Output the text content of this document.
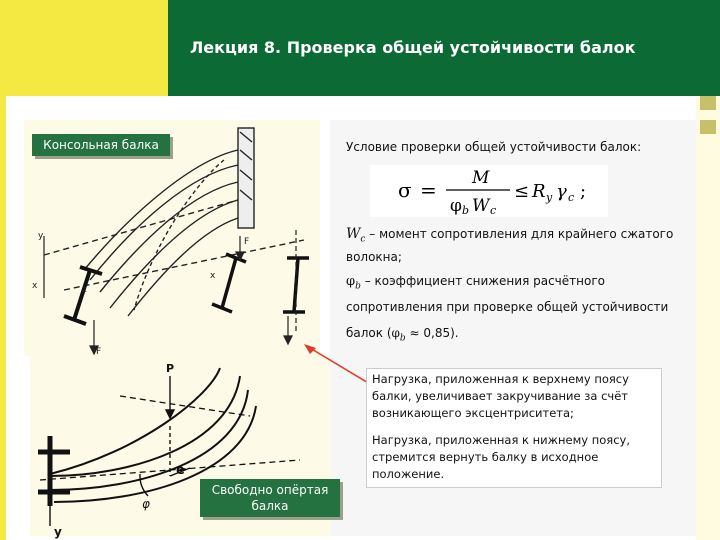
Лекция 8. Проверка общей устойчивости балок
F
F
y
x
x
z
P
y
φ
e
Консольная балка
Свободно опёртая
балка
Условие проверки общей устойчивости балок:
σ = M
φ b W c
≤ R y γ c ;
$W_c$ – момент сопротивления для крайнего сжатого
волокна;
$\varphi_b$ – коэффициент снижения расчётного
сопротивления при проверке общей устойчивости
балок $(\varphi_b \approx 0,85)$.
Нагрузка, приложенная к верхнему поясу
балки, увеличивает закручивание за счёт
возникающего эксцентриситета;
Нагрузка, приложенная к нижнему поясу,
стремится вернуть балку в исходное
положение.
